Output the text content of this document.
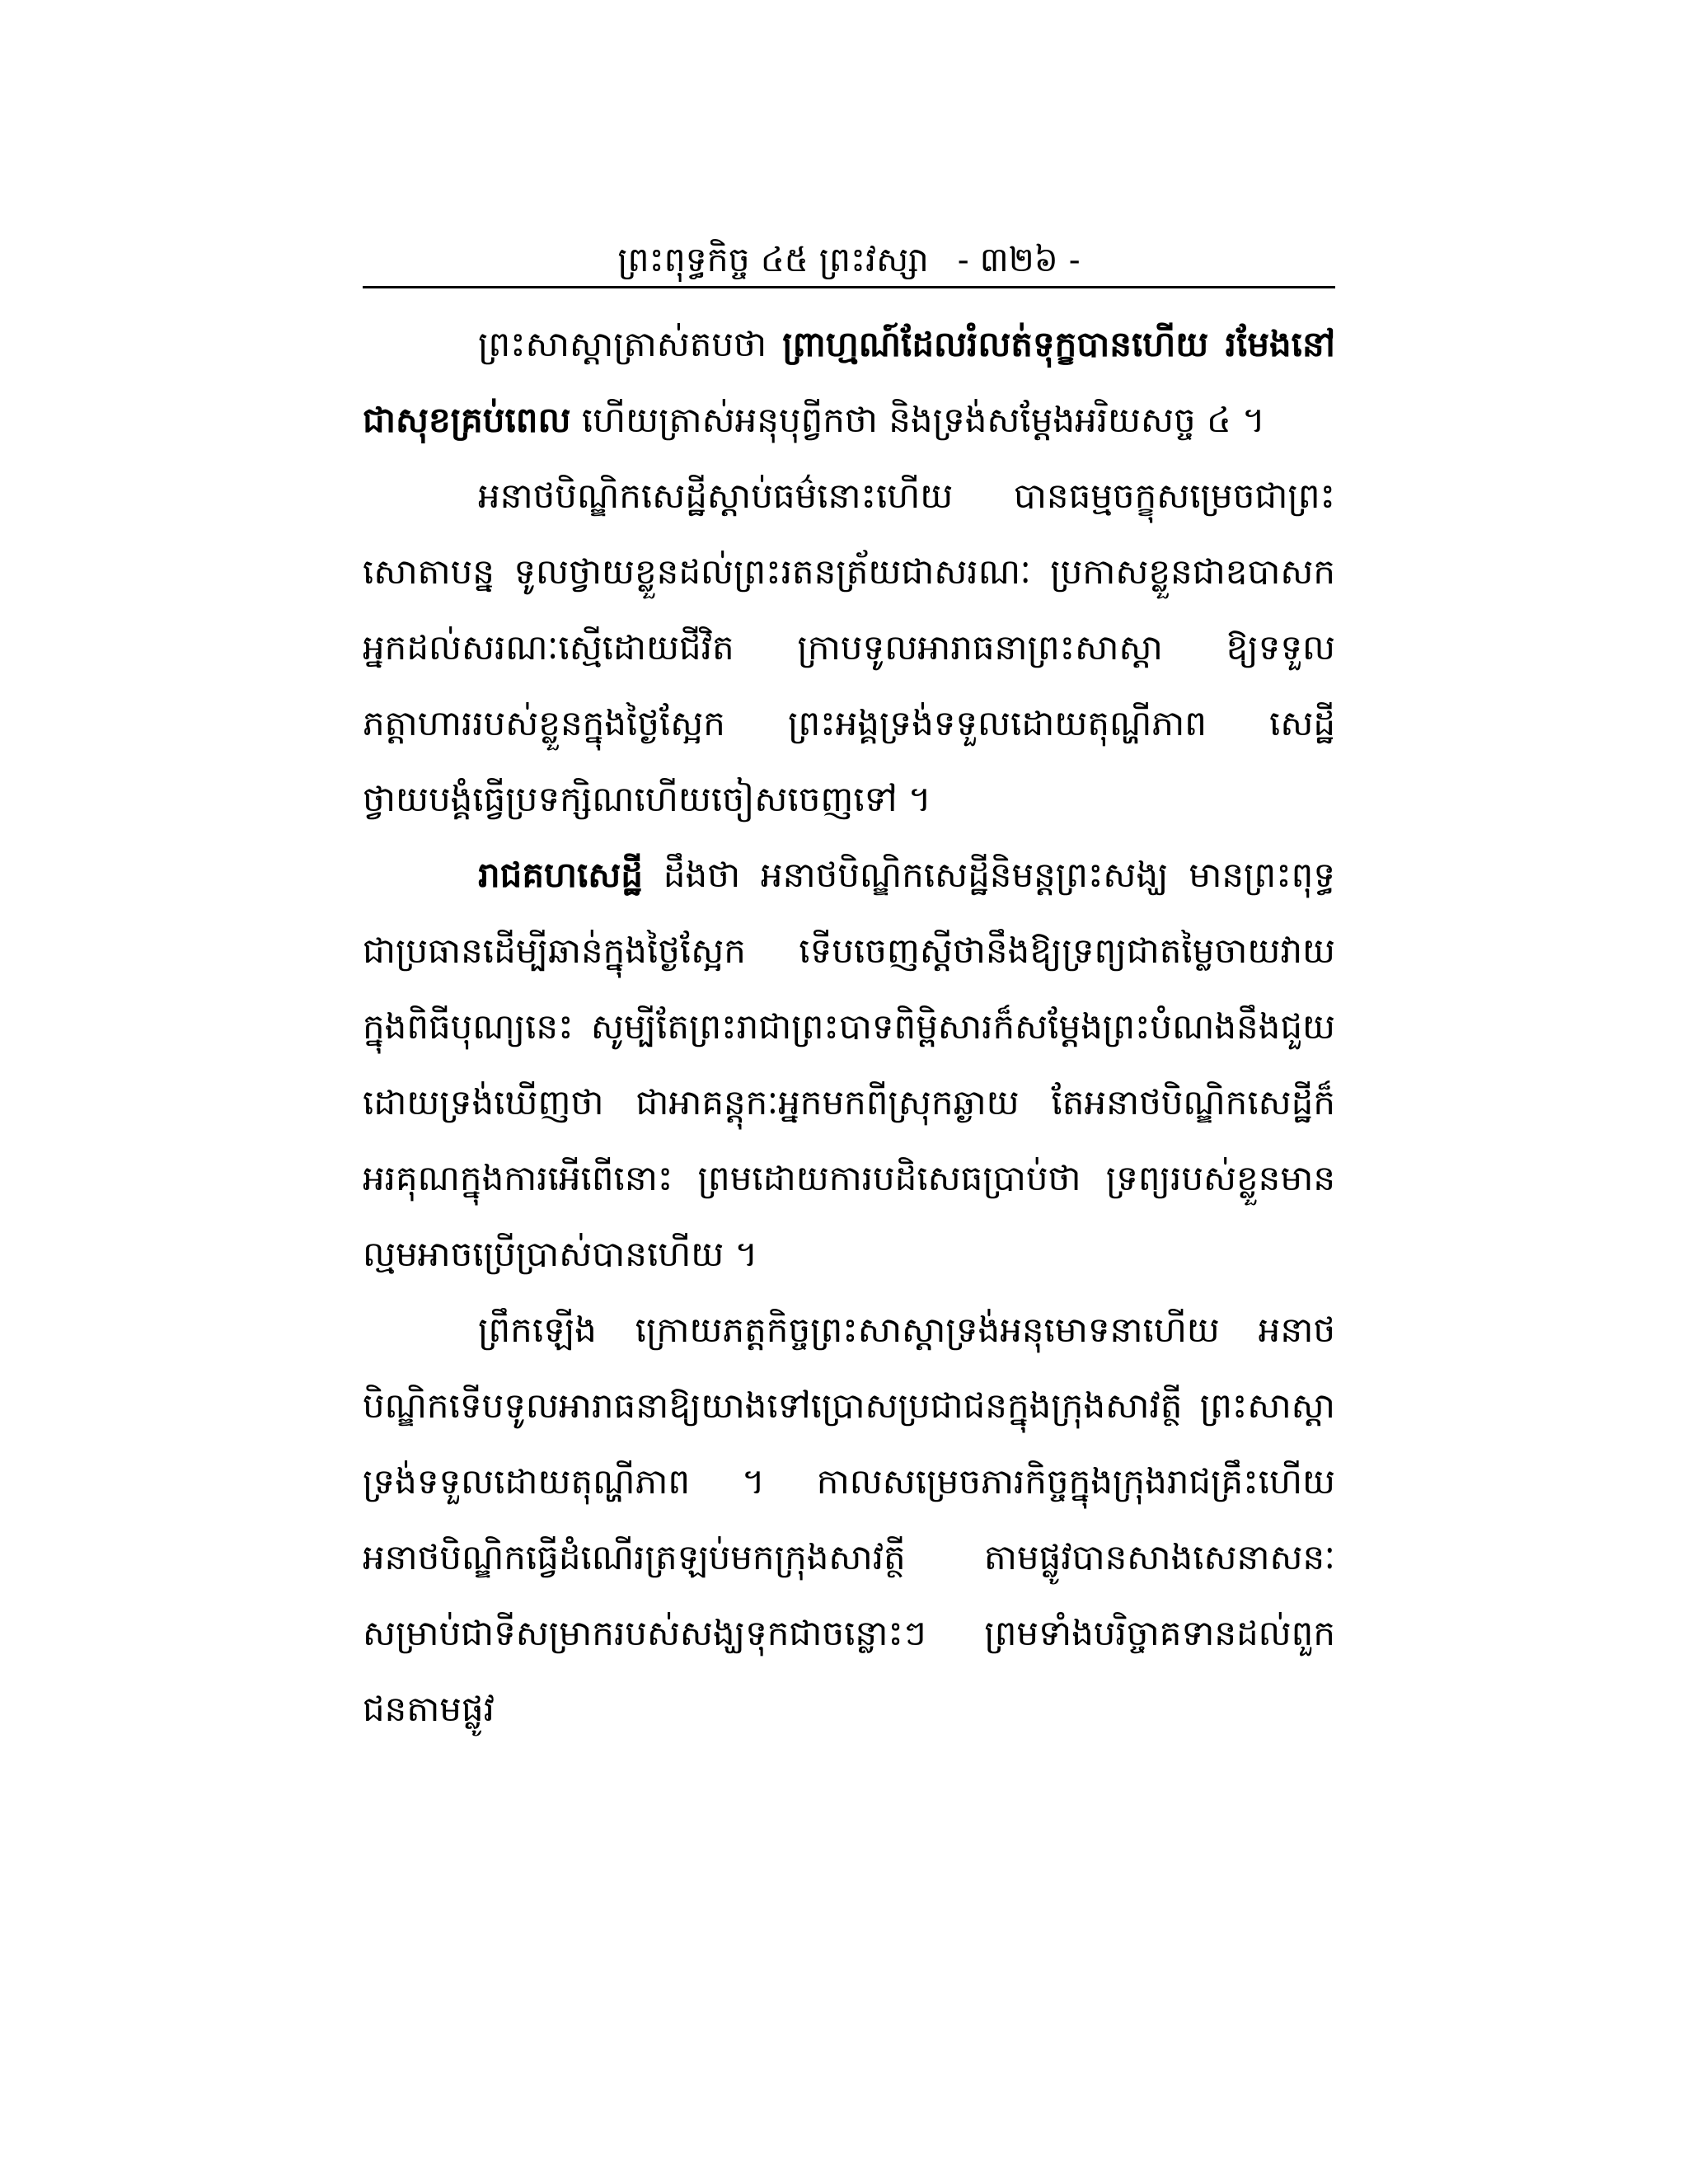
ព្រះពុទ្ធកិច្ច ៤៥ ព្រះវស្សា - ៣២៦ -

ព្រះសាស្តាត្រាស់តបថា ព្រាហ្មណ៍ដែលរំលត់ទុក្ខបានហើយ រមែងនៅជាសុខគ្រប់ពេល ហើយត្រាស់អនុបុព្វីកថា និងទ្រង់សម្ដែងអរិយសច្ច ៤ ។

អនាថបិណ្ឌិកសេដ្ឋីស្ដាប់ធម៌នោះហើយ បានធម្មចក្ខុសម្រេចជាព្រះសោតាបន្ន ទូលថ្វាយខ្លួនដល់ព្រះរតនត្រ័យជាសរណៈ ប្រកាសខ្លួនជាឧបាសកអ្នកដល់សរណៈស្មើដោយជីវិត ក្រាបទូលអារាធនាព្រះសាស្ដា ឱ្យទទួលភត្តាហាររបស់ខ្លួនក្នុងថ្ងៃស្អែក ព្រះអង្គទ្រង់ទទួលដោយតុណ្ហីភាព សេដ្ឋីថ្វាយបង្គំធ្វើប្រទក្សិណហើយចៀសចេញទៅ ។

រាជគហសេដ្ឋី ដឹងថា អនាថបិណ្ឌិកសេដ្ឋីនិមន្តព្រះសង្ឃ មានព្រះពុទ្ធជាប្រធានដើម្បីឆាន់ក្នុងថ្ងៃស្អែក ទើបចេញស្ដីថានឹងឱ្យទ្រព្យជាតម្លៃចាយវាយក្នុងពិធីបុណ្យនេះ សូម្បីតែព្រះរាជាព្រះបាទពិម្ពិសារក៏សម្ដែងព្រះបំណងនឹងជួយដោយទ្រង់ឃើញថា ជាអាគន្តុកៈអ្នកមកពីស្រុកឆ្ងាយ តែអនាថបិណ្ឌិកសេដ្ឋីក៏អរគុណក្នុងការអើពើនោះ ព្រមដោយការបដិសេធប្រាប់ថា ទ្រព្យរបស់ខ្លួនមានល្មមអាចប្រើប្រាស់បានហើយ ។

ព្រឹកឡើង ក្រោយភត្តកិច្ចព្រះសាស្ដាទ្រង់អនុមោទនាហើយ អនាថបិណ្ឌិកទើបទូលអារាធនាឱ្យយាងទៅប្រោសប្រជាជនក្នុងក្រុងសាវត្ថី ព្រះសាស្ដាទ្រង់ទទួលដោយតុណ្ហីភាព ។ កាលសម្រេចភារកិច្ចក្នុងក្រុងរាជគ្រឹះហើយ អនាថបិណ្ឌិកធ្វើដំណើរត្រឡប់មកក្រុងសាវត្ថី តាមផ្លូវបានសាងសេនាសនៈសម្រាប់ជាទីសម្រាករបស់សង្ឃទុកជាចន្លោះៗ ព្រមទាំងបរិច្ចាគទានដល់ពួកជនតាមផ្លូវ
